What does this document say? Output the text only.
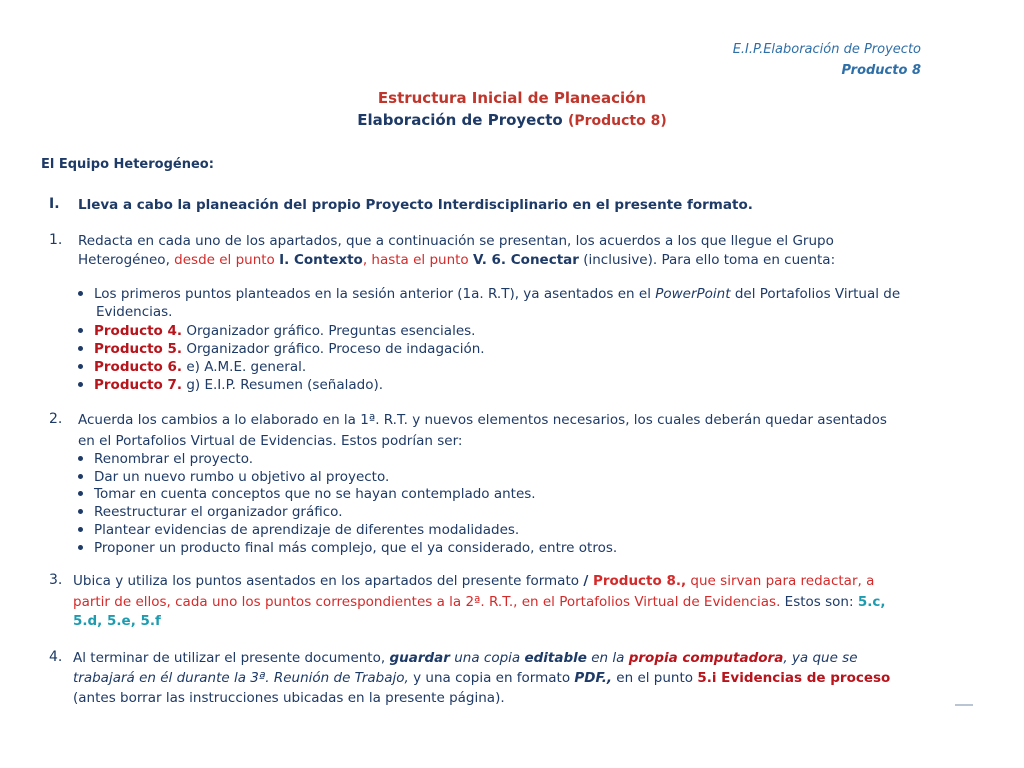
E.I.P.Elaboración de Proyecto
Producto 8
Estructura Inicial de Planeación
Elaboración de Proyecto (Producto 8)
El Equipo Heterogéneo:
I. Lleva a cabo la planeación del propio Proyecto Interdisciplinario en el presente formato.
1. Redacta en cada uno de los apartados, que a continuación se presentan, los acuerdos a los que llegue el Grupo
Heterogéneo, desde el punto I. Contexto, hasta el punto V. 6. Conectar (inclusive). Para ello toma en cuenta:
Los primeros puntos planteados en la sesión anterior (1a. R.T), ya asentados en el PowerPoint del Portafolios Virtual de
Evidencias.
Producto 4. Organizador gráfico. Preguntas esenciales.
Producto 5. Organizador gráfico. Proceso de indagación.
Producto 6. e) A.M.E. general.
Producto 7. g) E.I.P. Resumen (señalado).
2. Acuerda los cambios a lo elaborado en la 1ª. R.T. y nuevos elementos necesarios, los cuales deberán quedar asentados
en el Portafolios Virtual de Evidencias. Estos podrían ser:
Renombrar el proyecto.
Dar un nuevo rumbo u objetivo al proyecto.
Tomar en cuenta conceptos que no se hayan contemplado antes.
Reestructurar el organizador gráfico.
Plantear evidencias de aprendizaje de diferentes modalidades.
Proponer un producto final más complejo, que el ya considerado, entre otros.
3. Ubica y utiliza los puntos asentados en los apartados del presente formato / Producto 8., que sirvan para redactar, a
partir de ellos, cada uno los puntos correspondientes a la 2ª. R.T., en el Portafolios Virtual de Evidencias. Estos son: 5.c,
5.d, 5.e, 5.f
4. Al terminar de utilizar el presente documento, guardar una copia editable en la propia computadora, ya que se
trabajará en él durante la 3ª. Reunión de Trabajo, y una copia en formato PDF., en el punto 5.i Evidencias de proceso
(antes borrar las instrucciones ubicadas en la presente página).
